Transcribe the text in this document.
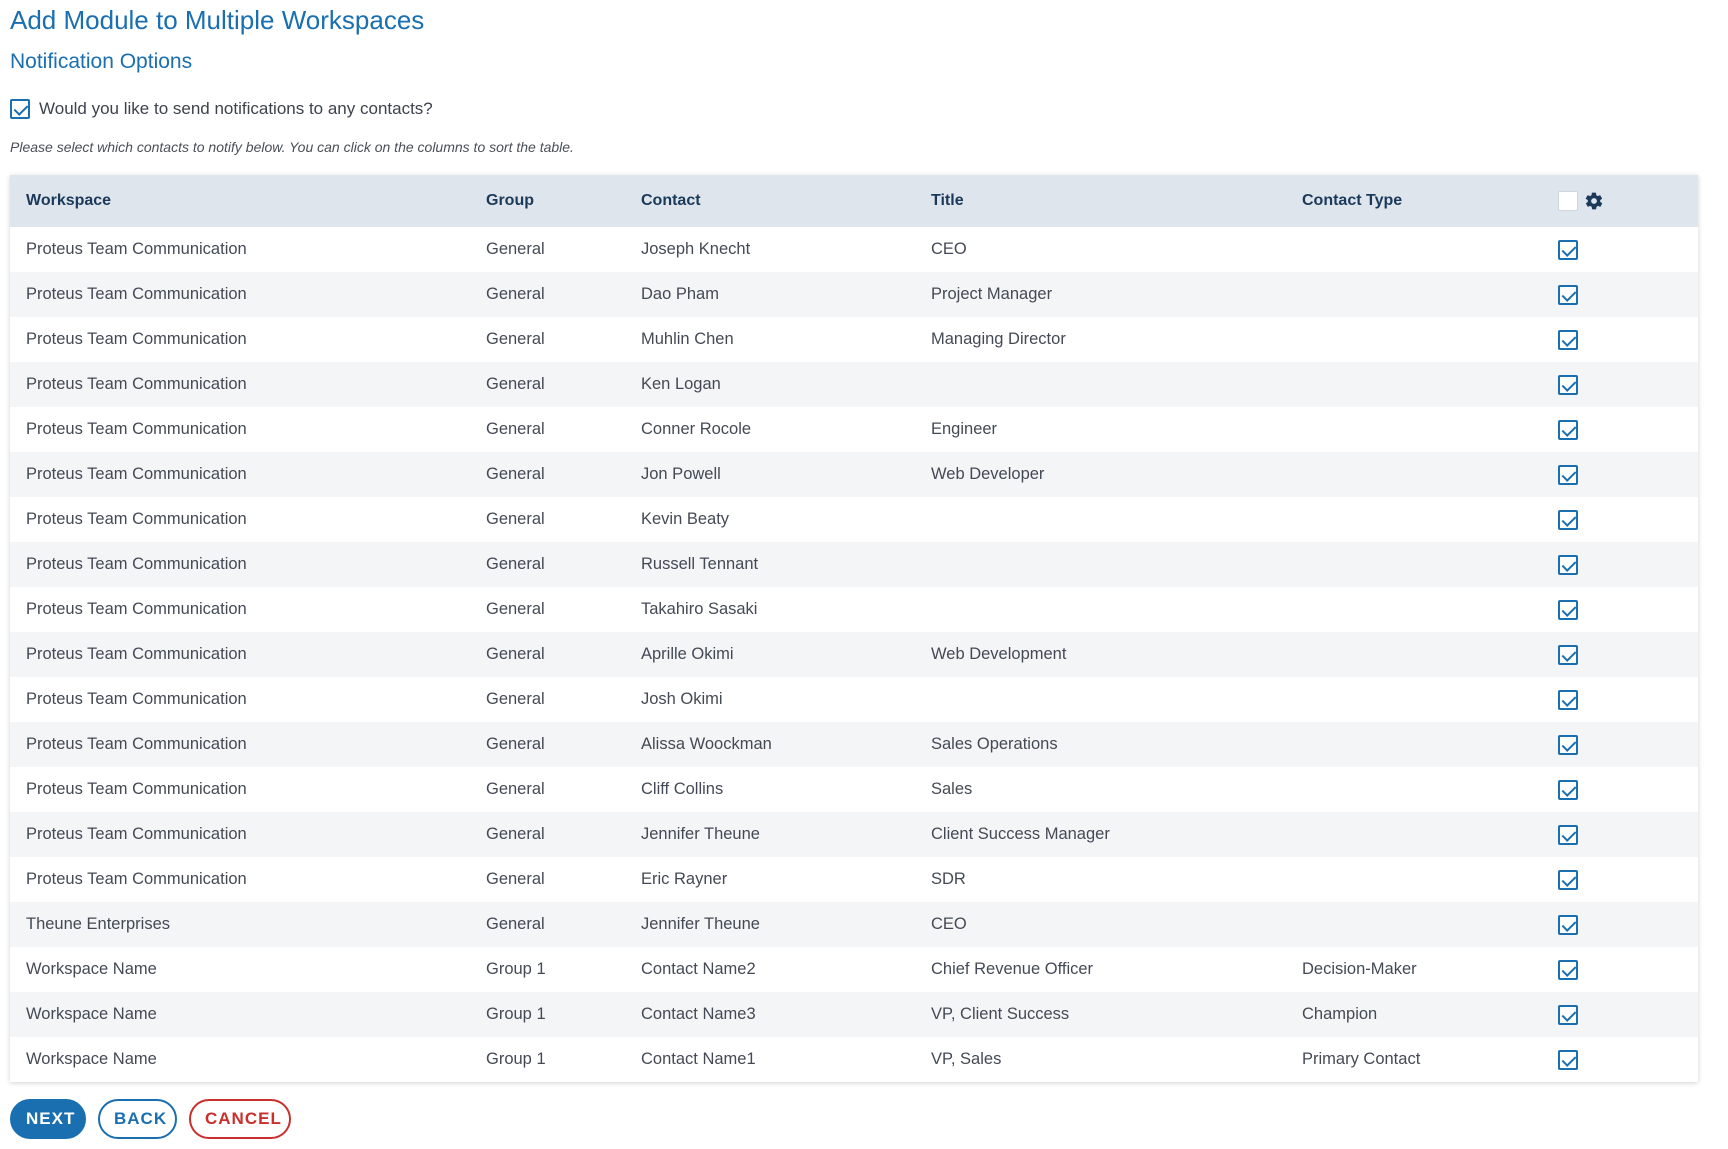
Add Module to Multiple Workspaces
Notification Options
Would you like to send notifications to any contacts?

Please select which contacts to notify below. You can click on the columns to sort the table.

Workspace	Group	Contact	Title	Contact Type	

Proteus Team Communication	General	Joseph Knecht	CEO		

Proteus Team Communication	General	Dao Pham	Project Manager		

Proteus Team Communication	General	Muhlin Chen	Managing Director		

Proteus Team Communication	General	Ken Logan			

Proteus Team Communication	General	Conner Rocole	Engineer		

Proteus Team Communication	General	Jon Powell	Web Developer		

Proteus Team Communication	General	Kevin Beaty			

Proteus Team Communication	General	Russell Tennant			

Proteus Team Communication	General	Takahiro Sasaki			

Proteus Team Communication	General	Aprille Okimi	Web Development		

Proteus Team Communication	General	Josh Okimi			

Proteus Team Communication	General	Alissa Woockman	Sales Operations		

Proteus Team Communication	General	Cliff Collins	Sales		

Proteus Team Communication	General	Jennifer Theune	Client Success Manager		

Proteus Team Communication	General	Eric Rayner	SDR		

Theune Enterprises	General	Jennifer Theune	CEO		

Workspace Name	Group 1	Contact Name2	Chief Revenue Officer	Decision-Maker	

Workspace Name	Group 1	Contact Name3	VP, Client Success	Champion	

Workspace Name	Group 1	Contact Name1	VP, Sales	Primary Contact	
NEXT	BACK	CANCEL
